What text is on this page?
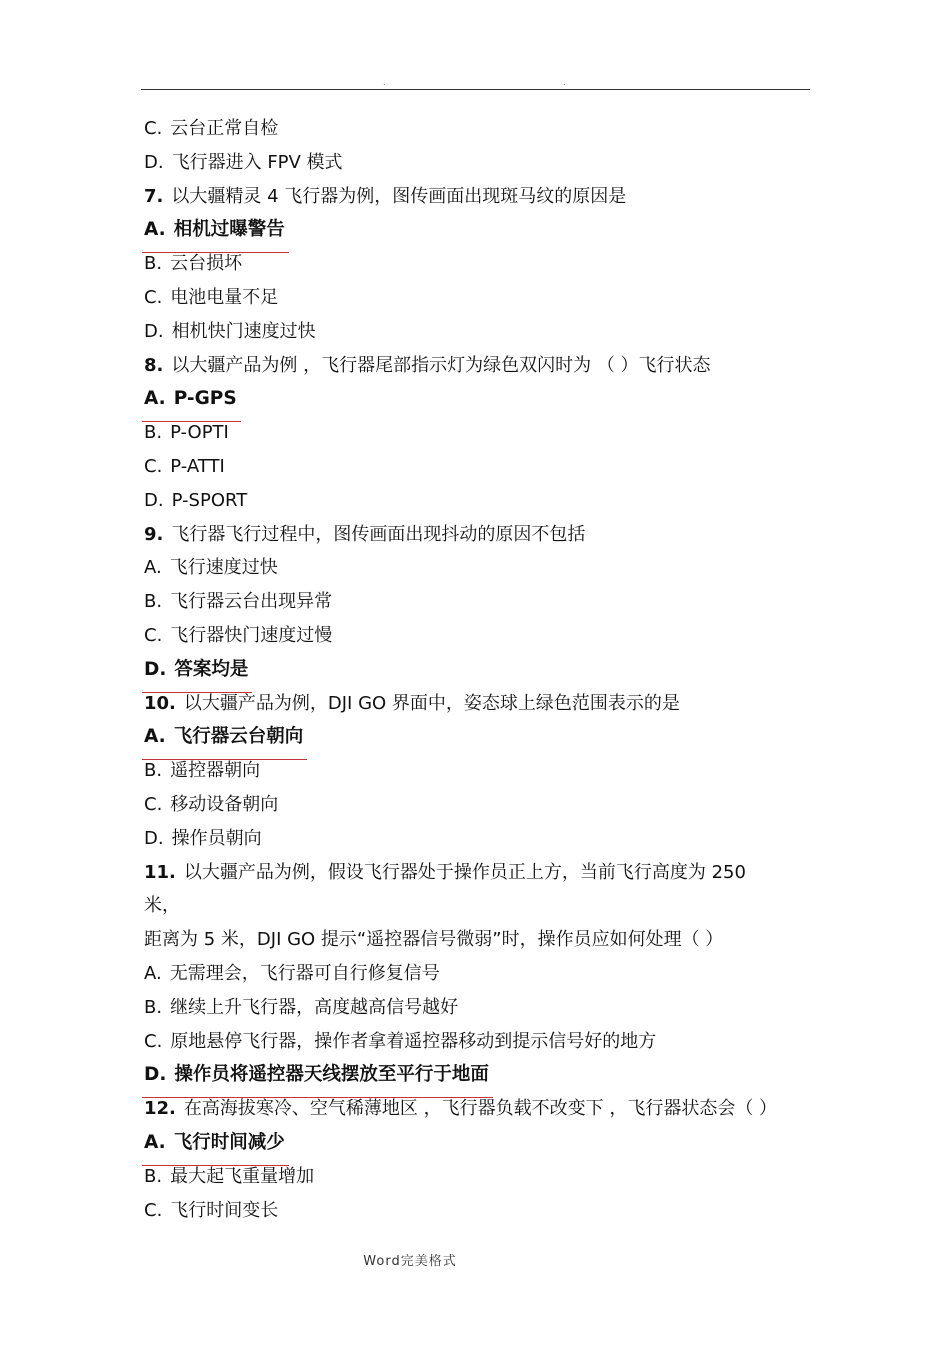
.	.
C. 云台正常自检
D. 飞行器进入 FPV 模式
7. 以大疆精灵 4 飞行器为例，图传画面出现斑马纹的原因是
A. 相机过曝警告
B. 云台损坏
C. 电池电量不足
D. 相机快门速度过快
8. 以大疆产品为例 ，飞行器尾部指示灯为绿色双闪时为 （ ）飞行状态
A. P-GPS
B. P-OPTI
C. P-ATTI
D. P-SPORT
9. 飞行器飞行过程中，图传画面出现抖动的原因不包括
A. 飞行速度过快
B. 飞行器云台出现异常
C. 飞行器快门速度过慢
D. 答案均是
10. 以大疆产品为例，DJI GO 界面中，姿态球上绿色范围表示的是
A. 飞行器云台朝向
B. 遥控器朝向
C. 移动设备朝向
D. 操作员朝向
11. 以大疆产品为例，假设飞行器处于操作员正上方，当前飞行高度为 250
米，
距离为 5 米，DJI GO 提示“遥控器信号微弱”时，操作员应如何处理（ ）
A. 无需理会，飞行器可自行修复信号
B. 继续上升飞行器，高度越高信号越好
C. 原地悬停飞行器，操作者拿着遥控器移动到提示信号好的地方
D. 操作员将遥控器天线摆放至平行于地面
12. 在高海拔寒冷、空气稀薄地区 ，飞行器负载不改变下 ，飞行器状态会（ ）
A. 飞行时间减少
B. 最大起飞重量增加
C. 飞行时间变长
Word完美格式
